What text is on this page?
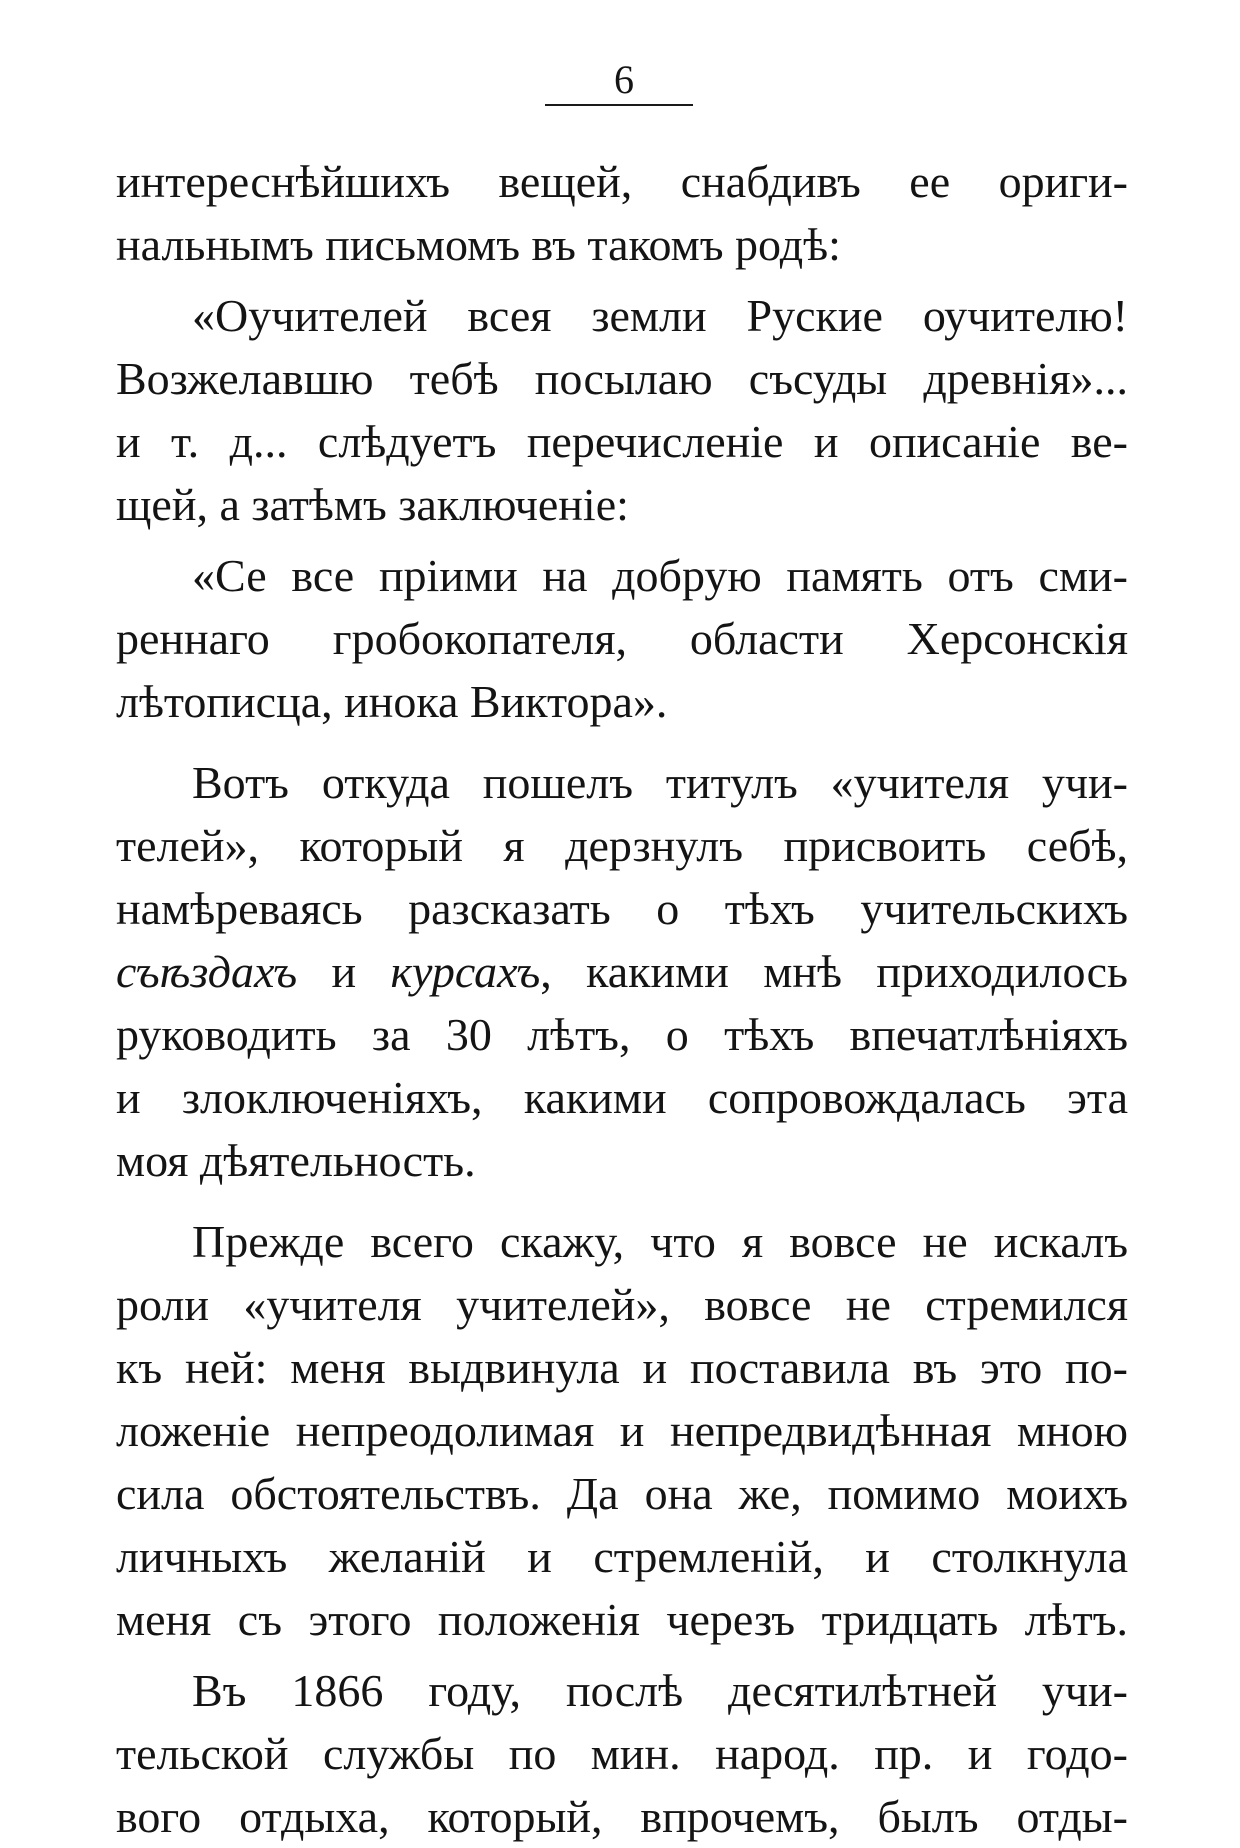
6
интереснѣйшихъ вещей, снабдивъ ее ориги-
нальнымъ письмомъ въ такомъ родѣ:
«Оучителей всея земли Руские оучителю!
Возжелавшю тебѣ посылаю съсуды древнія»...
и т. д... слѣдуетъ перечисленіе и описаніе ве-
щей, а затѣмъ заключеніе:
«Се все пріими на добрую память отъ сми-
реннаго гробокопателя, области Херсонскія
лѣтописца, инока Виктора».
Вотъ откуда пошелъ титулъ «учителя учи-
телей», который я дерзнулъ присвоить себѣ,
намѣреваясь разсказать о тѣхъ учительскихъ
съѣздахъ и курсахъ, какими мнѣ приходилось
руководить за 30 лѣтъ, о тѣхъ впечатлѣніяхъ
и злоключеніяхъ, какими сопровождалась эта
моя дѣятельность.
Прежде всего скажу, что я вовсе не искалъ
роли «учителя учителей», вовсе не стремился
къ ней: меня выдвинула и поставила въ это по-
ложеніе непреодолимая и непредвидѣнная мною
сила обстоятельствъ. Да она же, помимо моихъ
личныхъ желаній и стремленій, и столкнула
меня съ этого положенія черезъ тридцать лѣтъ.
Въ 1866 году, послѣ десятилѣтней учи-
тельской службы по мин. народ. пр. и годо-
вого отдыха, который, впрочемъ, былъ отды-
